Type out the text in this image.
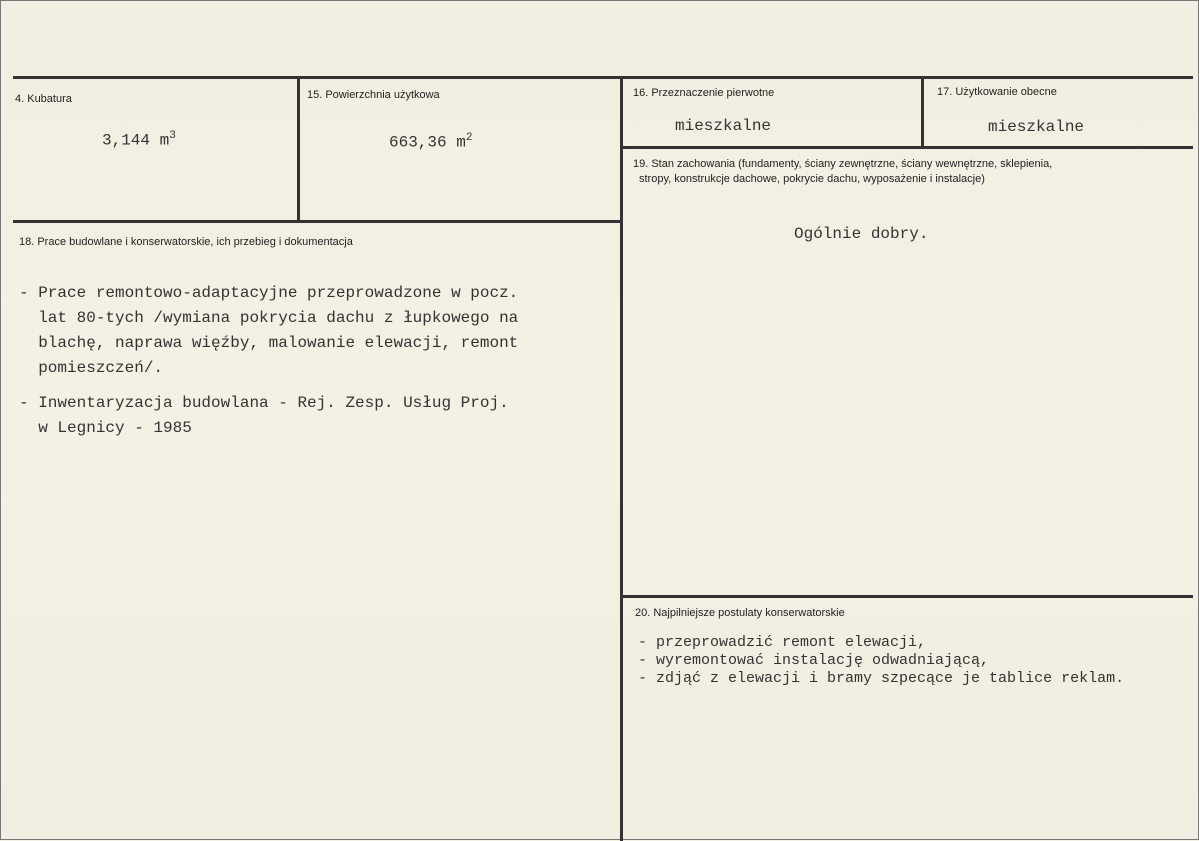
4. Kubatura
3,144 $m^3$
15. Powierzchnia użytkowa
663,36 $m^2$
16. Przeznaczenie pierwotne
mieszkalne
17. Użytkowanie obecne
mieszkalne
18. Prace budowlane i konserwatorskie, ich przebieg i dokumentacja
- Prace remontowo-adaptacyjne przeprowadzone w pocz.
lat 80-tych /wymiana pokrycia dachu z łupkowego na
blachę, naprawa więźby, malowanie elewacji, remont
pomieszczeń/.
- Inwentaryzacja budowlana - Rej. Zesp. Usług Proj.
w Legnicy - 1985
19. Stan zachowania (fundamenty, ściany zewnętrzne, ściany wewnętrzne, sklepienia,
stropy, konstrukcje dachowe, pokrycie dachu, wyposażenie i instalacje)
Ogólnie dobry.
20. Najpilniejsze postulaty konserwatorskie
- przeprowadzić remont elewacji,
- wyremontować instalację odwadniającą,
- zdjąć z elewacji i bramy szpecące je tablice reklam.
